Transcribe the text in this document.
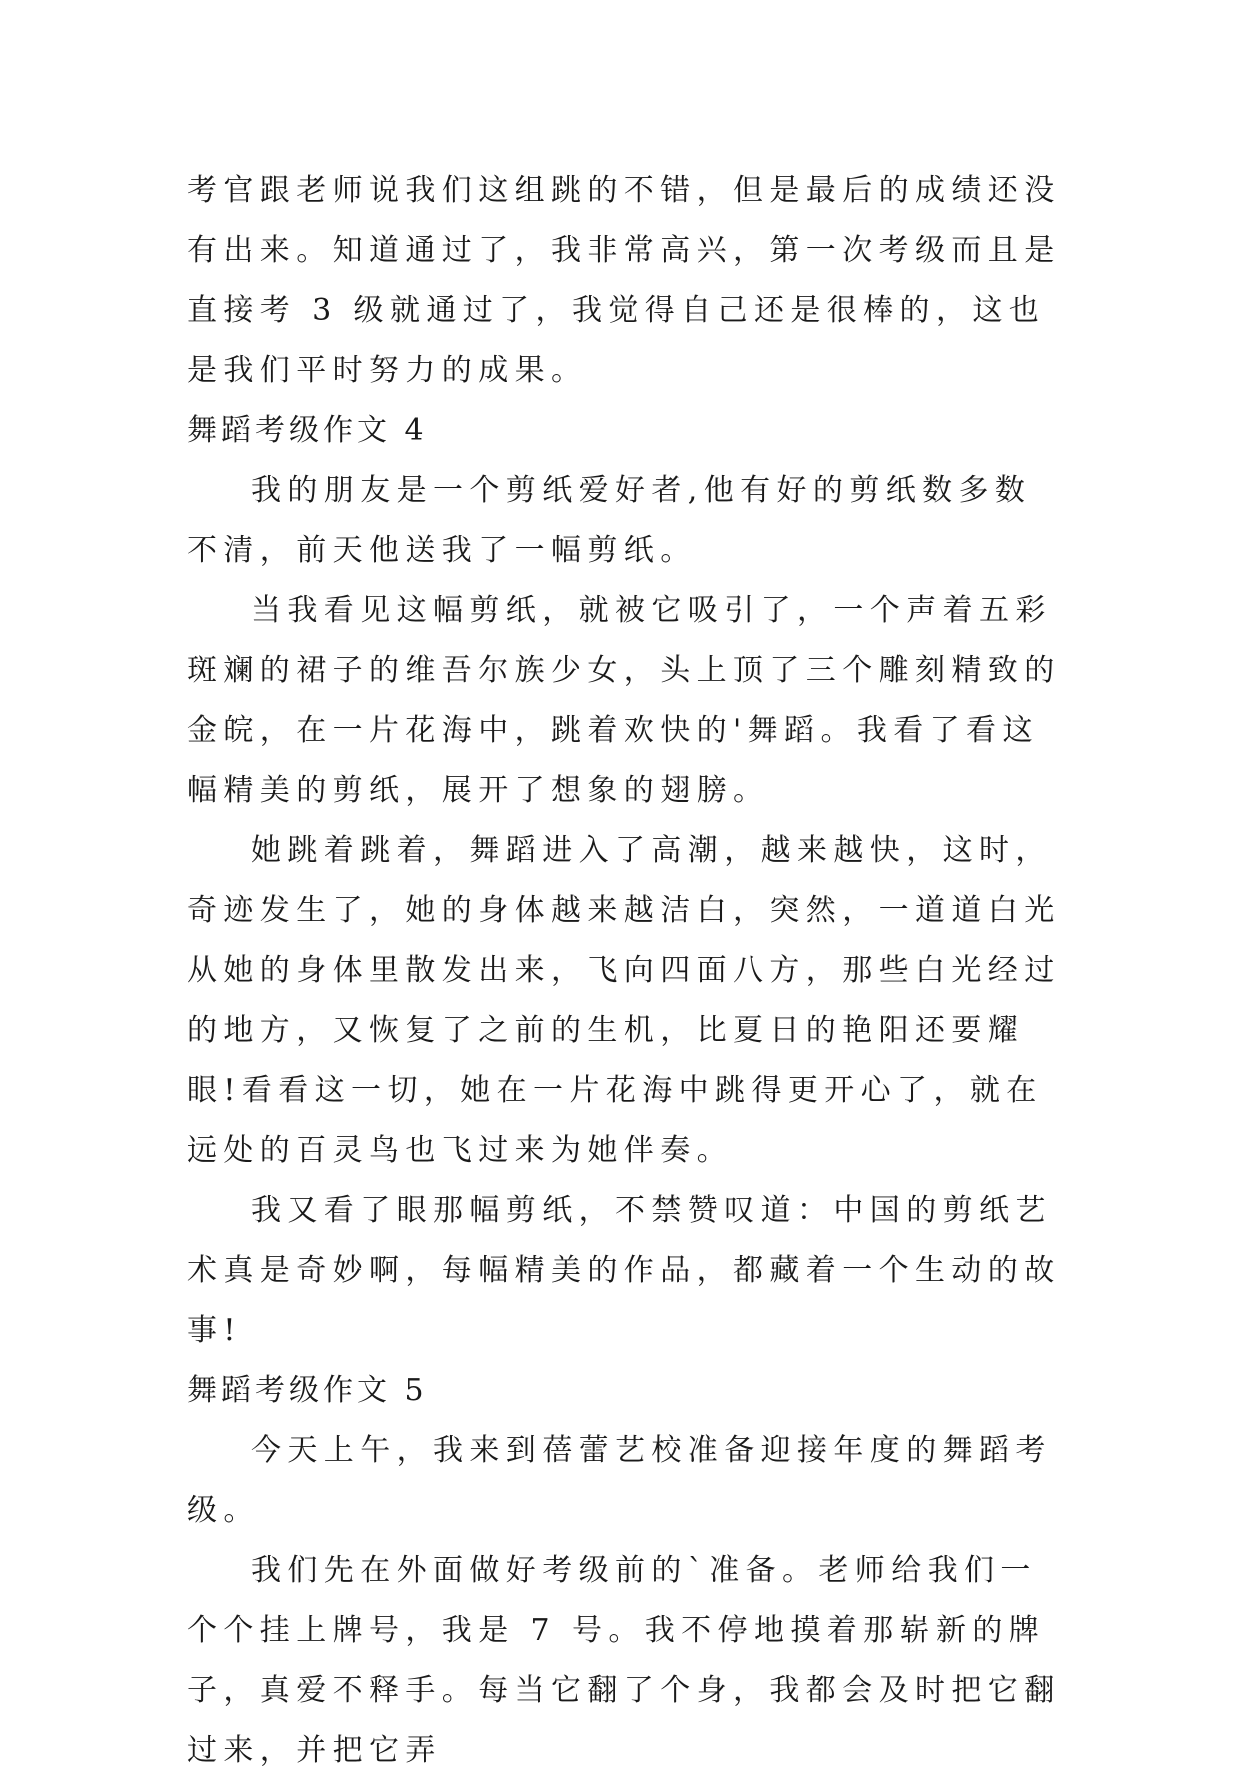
考官跟老师说我们这组跳的不错，但是最后的成绩还没有出来。知道通过了，我非常高兴，第一次考级而且是直接考 3 级就通过了，我觉得自己还是很棒的，这也是我们平时努力的成果。

舞蹈考级作文 4

我的朋友是一个剪纸爱好者,他有好的剪纸数多数不清，前天他送我了一幅剪纸。

当我看见这幅剪纸，就被它吸引了，一个声着五彩斑斓的裙子的维吾尔族少女，头上顶了三个雕刻精致的金皖，在一片花海中，跳着欢快的'舞蹈。我看了看这幅精美的剪纸，展开了想象的翅膀。

她跳着跳着，舞蹈进入了高潮，越来越快，这时，奇迹发生了，她的身体越来越洁白，突然，一道道白光从她的身体里散发出来，飞向四面八方，那些白光经过的地方，又恢复了之前的生机，比夏日的艳阳还要耀眼!看看这一切，她在一片花海中跳得更开心了，就在远处的百灵鸟也飞过来为她伴奏。

我又看了眼那幅剪纸，不禁赞叹道：中国的剪纸艺术真是奇妙啊，每幅精美的作品，都藏着一个生动的故事!

舞蹈考级作文 5

今天上午，我来到蓓蕾艺校准备迎接年度的舞蹈考级。

我们先在外面做好考级前的`准备。老师给我们一个个挂上牌号，我是 7 号。我不停地摸着那崭新的牌子，真爱不释手。每当它翻了个身，我都会及时把它翻过来，并把它弄
